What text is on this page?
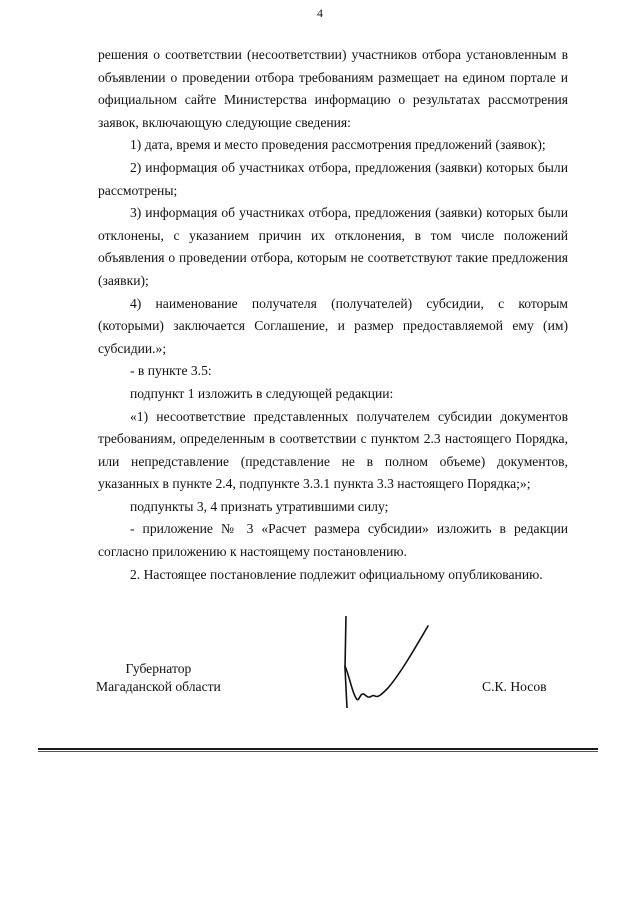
4

решения о соответствии (несоответствии) участников отбора установленным в объявлении о проведении отбора требованиям размещает на едином портале и официальном сайте Министерства информацию о результатах рассмотрения заявок, включающую следующие сведения:

1) дата, время и место проведения рассмотрения предложений (заявок);

2) информация об участниках отбора, предложения (заявки) которых были рассмотрены;

3) информация об участниках отбора, предложения (заявки) которых были отклонены, с указанием причин их отклонения, в том числе положений объявления о проведении отбора, которым не соответствуют такие предложения (заявки);

4) наименование получателя (получателей) субсидии, с которым (которыми) заключается Соглашение, и размер предоставляемой ему (им) субсидии.»;

- в пункте 3.5:

подпункт 1 изложить в следующей редакции:

«1) несоответствие представленных получателем субсидии документов требованиям, определенным в соответствии с пунктом 2.3 настоящего Порядка, или непредставление (представление не в полном объеме) документов, указанных в пункте 2.4, подпункте 3.3.1 пункта 3.3 настоящего Порядка;»;

подпункты 3, 4 признать утратившими силу;

- приложение № 3 «Расчет размера субсидии» изложить в редакции согласно приложению к настоящему постановлению.

2. Настоящее постановление подлежит официальному опубликованию.

Губернатор
Магаданской области	С.К. Носов
